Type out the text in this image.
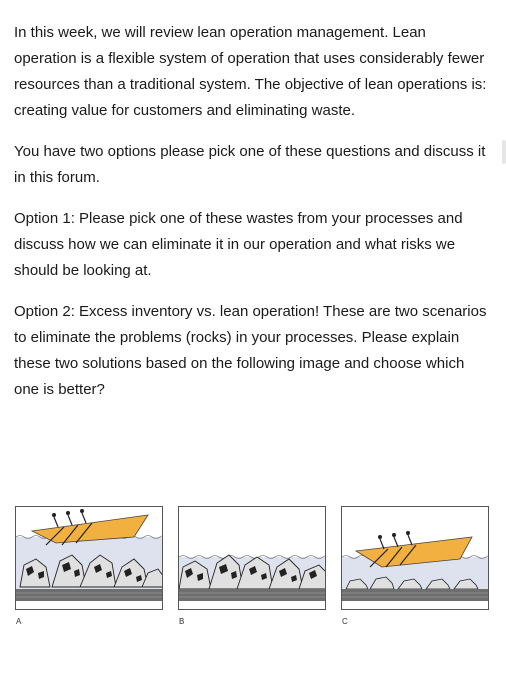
In this week, we will review lean operation management. Lean operation is a flexible system of operation that uses considerably fewer resources than a traditional system. The objective of lean operations is: creating value for customers and eliminating waste.

You have two options please pick one of these questions and discuss it in this forum.

Option 1: Please pick one of these wastes from your processes and discuss how we can eliminate it in our operation and what risks we should be looking at.

Option 2: Excess inventory vs. lean operation! These are two scenarios to eliminate the problems (rocks) in your processes. Please explain these two solutions based on the following image and choose which one is better?

A	B	C
